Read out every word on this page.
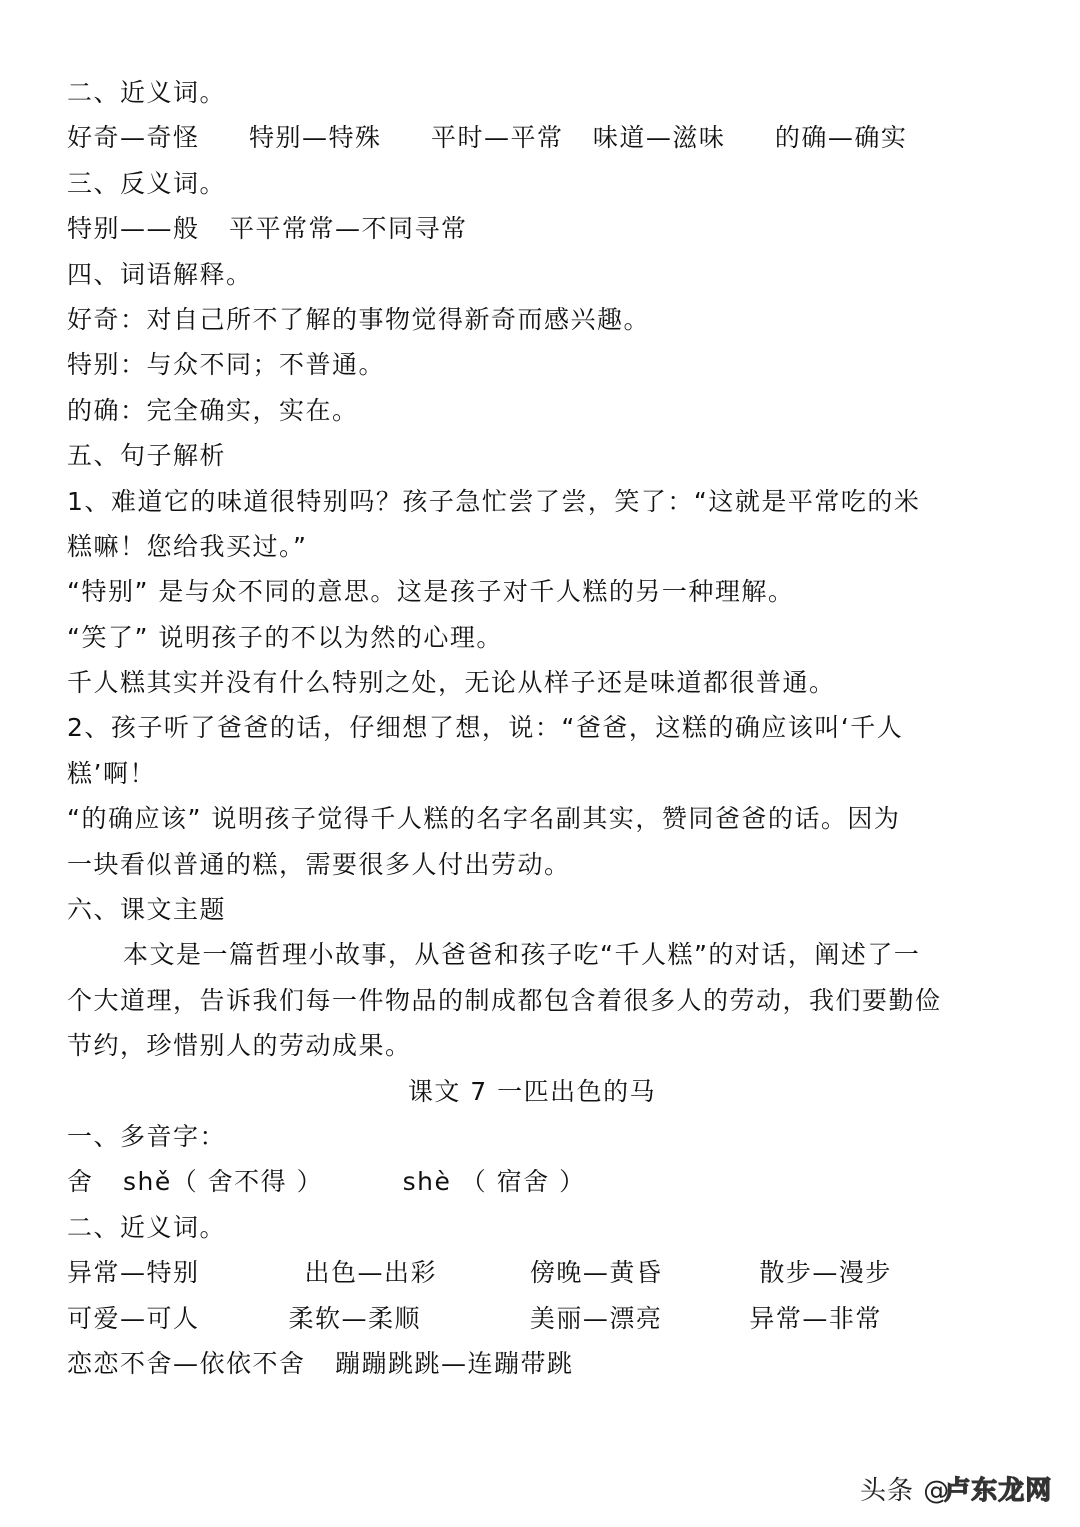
二、近义词。
好奇—奇怪 特别—特殊 平时—平常 味道—滋味 的确—确实
三、反义词。
特别——般 平平常常—不同寻常
四、词语解释。
好奇：对自己所不了解的事物觉得新奇而感兴趣。
特别：与众不同；不普通。
的确：完全确实，实在。
五、句子解析
1、难道它的味道很特别吗？孩子急忙尝了尝，笑了：“这就是平常吃的米
糕嘛！您给我买过。”
“特别” 是与众不同的意思。这是孩子对千人糕的另一种理解。
“笑了” 说明孩子的不以为然的心理。
千人糕其实并没有什么特别之处，无论从样子还是味道都很普通。
2、孩子听了爸爸的话，仔细想了想，说：“爸爸，这糕的确应该叫‘千人
糕’啊！
“的确应该” 说明孩子觉得千人糕的名字名副其实，赞同爸爸的话。因为
一块看似普通的糕，需要很多人付出劳动。
六、课文主题
本文是一篇哲理小故事，从爸爸和孩子吃“千人糕”的对话，阐述了一
个大道理，告诉我们每一件物品的制成都包含着很多人的劳动，我们要勤俭
节约，珍惜别人的劳动成果。
课文 7 一匹出色的马
一、多音字：
舍 shě（ 舍不得 ）	shè （ 宿舍 ）
二、近义词。
异常—特别	出色—出彩	傍晚—黄昏	散步—漫步
可爱—可人	柔软—柔顺	美丽—漂亮	异常—非常
恋恋不舍—依依不舍 蹦蹦跳跳—连蹦带跳
头条 @卢东龙网
